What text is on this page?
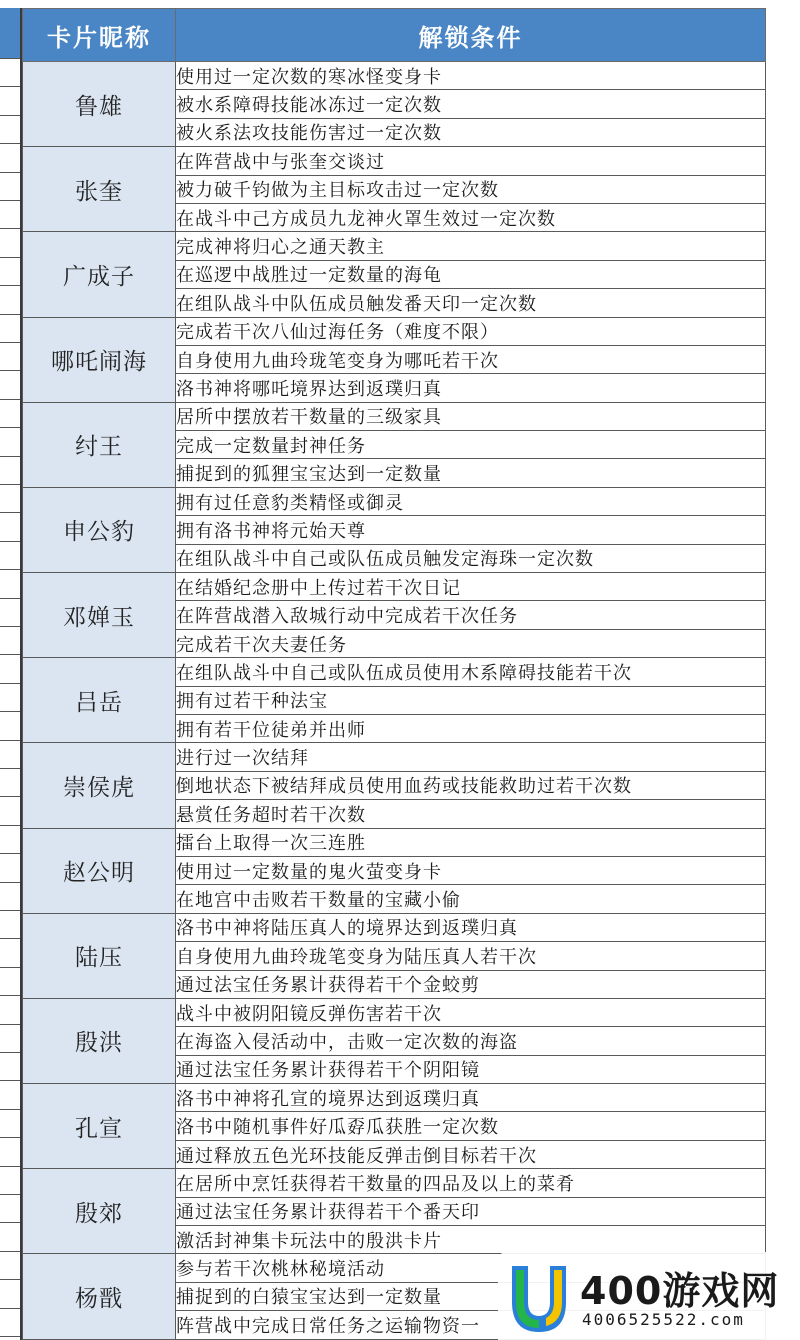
卡片昵称	解锁条件
鲁雄	使用过一定次数的寒冰怪变身卡
	被水系障碍技能冰冻过一定次数
	被火系法攻技能伤害过一定次数
张奎	在阵营战中与张奎交谈过
	被力破千钧做为主目标攻击过一定次数
	在战斗中己方成员九龙神火罩生效过一定次数
广成子	完成神将归心之通天教主
	在巡逻中战胜过一定数量的海龟
	在组队战斗中队伍成员触发番天印一定次数
哪吒闹海	完成若干次八仙过海任务（难度不限）
	自身使用九曲玲珑笔变身为哪吒若干次
	洛书神将哪吒境界达到返璞归真
纣王	居所中摆放若干数量的三级家具
	完成一定数量封神任务
	捕捉到的狐狸宝宝达到一定数量
申公豹	拥有过任意豹类精怪或御灵
	拥有洛书神将元始天尊
	在组队战斗中自己或队伍成员触发定海珠一定次数
邓婵玉	在结婚纪念册中上传过若干次日记
	在阵营战潜入敌城行动中完成若干次任务
	完成若干次夫妻任务
吕岳	在组队战斗中自己或队伍成员使用木系障碍技能若干次
	拥有过若干种法宝
	拥有若干位徒弟并出师
崇侯虎	进行过一次结拜
	倒地状态下被结拜成员使用血药或技能救助过若干次数
	悬赏任务超时若干次数
赵公明	擂台上取得一次三连胜
	使用过一定数量的鬼火萤变身卡
	在地宫中击败若干数量的宝藏小偷
陆压	洛书中神将陆压真人的境界达到返璞归真
	自身使用九曲玲珑笔变身为陆压真人若干次
	通过法宝任务累计获得若干个金蛟剪
殷洪	战斗中被阴阳镜反弹伤害若干次
	在海盗入侵活动中，击败一定次数的海盗
	通过法宝任务累计获得若干个阴阳镜
孔宣	洛书中神将孔宣的境界达到返璞归真
	洛书中随机事件好瓜孬瓜获胜一定次数
	通过释放五色光环技能反弹击倒目标若干次
殷郊	在居所中烹饪获得若干数量的四品及以上的菜肴
	通过法宝任务累计获得若干个番天印
	激活封神集卡玩法中的殷洪卡片
杨戬	参与若干次桃林秘境活动
	捕捉到的白猿宝宝达到一定数量
	阵营战中完成日常任务之运输物资一
400游戏网
4006525522.com
